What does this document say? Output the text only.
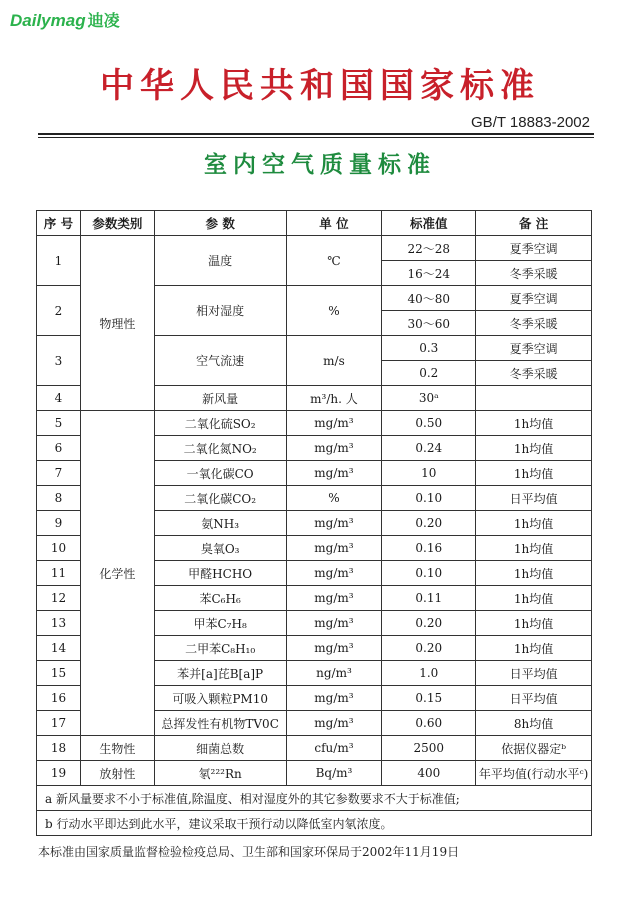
Dailymag 迪凌
中华人民共和国国家标准
GB/T 18883-2002
室内空气质量标准
序 号	参数类别	参 数	单 位	标准值	备 注
1	物理性	温度	℃	22～28	夏季空调
				16～24	冬季采暖
2		相对湿度	%	40～80	夏季空调
				30～60	冬季采暖
3		空气流速	m/s	0.3	夏季空调
				0.2	冬季采暖
4		新风量	m³/h. 人	30ᵃ	
5	化学性	二氧化硫SO₂	mg/m³	0.50	1h均值
6		二氧化氮NO₂	mg/m³	0.24	1h均值
7		一氧化碳CO	mg/m³	10	1h均值
8		二氧化碳CO₂	%	0.10	日平均值
9		氨NH₃	mg/m³	0.20	1h均值
10		臭氧O₃	mg/m³	0.16	1h均值
11		甲醛HCHO	mg/m³	0.10	1h均值
12		苯C₆H₆	mg/m³	0.11	1h均值
13		甲苯C₇H₈	mg/m³	0.20	1h均值
14		二甲苯C₈H₁₀	mg/m³	0.20	1h均值
15		苯并[a]芘B[a]P	ng/m³	1.0	日平均值
16		可吸入颗粒PM10	mg/m³	0.15	日平均值
17		总挥发性有机物TV0C	mg/m³	0.60	8h均值
18	生物性	细菌总数	cfu/m³	2500	依据仪器定ᵇ
19	放射性	氡²²²Rn	Bq/m³	400	年平均值(行动水平ᶜ)
a 新风量要求不小于标准值,除温度、相对湿度外的其它参数要求不大于标准值;					
b 行动水平即达到此水平，建议采取干预行动以降低室内氡浓度。					
本标准由国家质量监督检验检疫总局、卫生部和国家环保局于2002年11月19日
